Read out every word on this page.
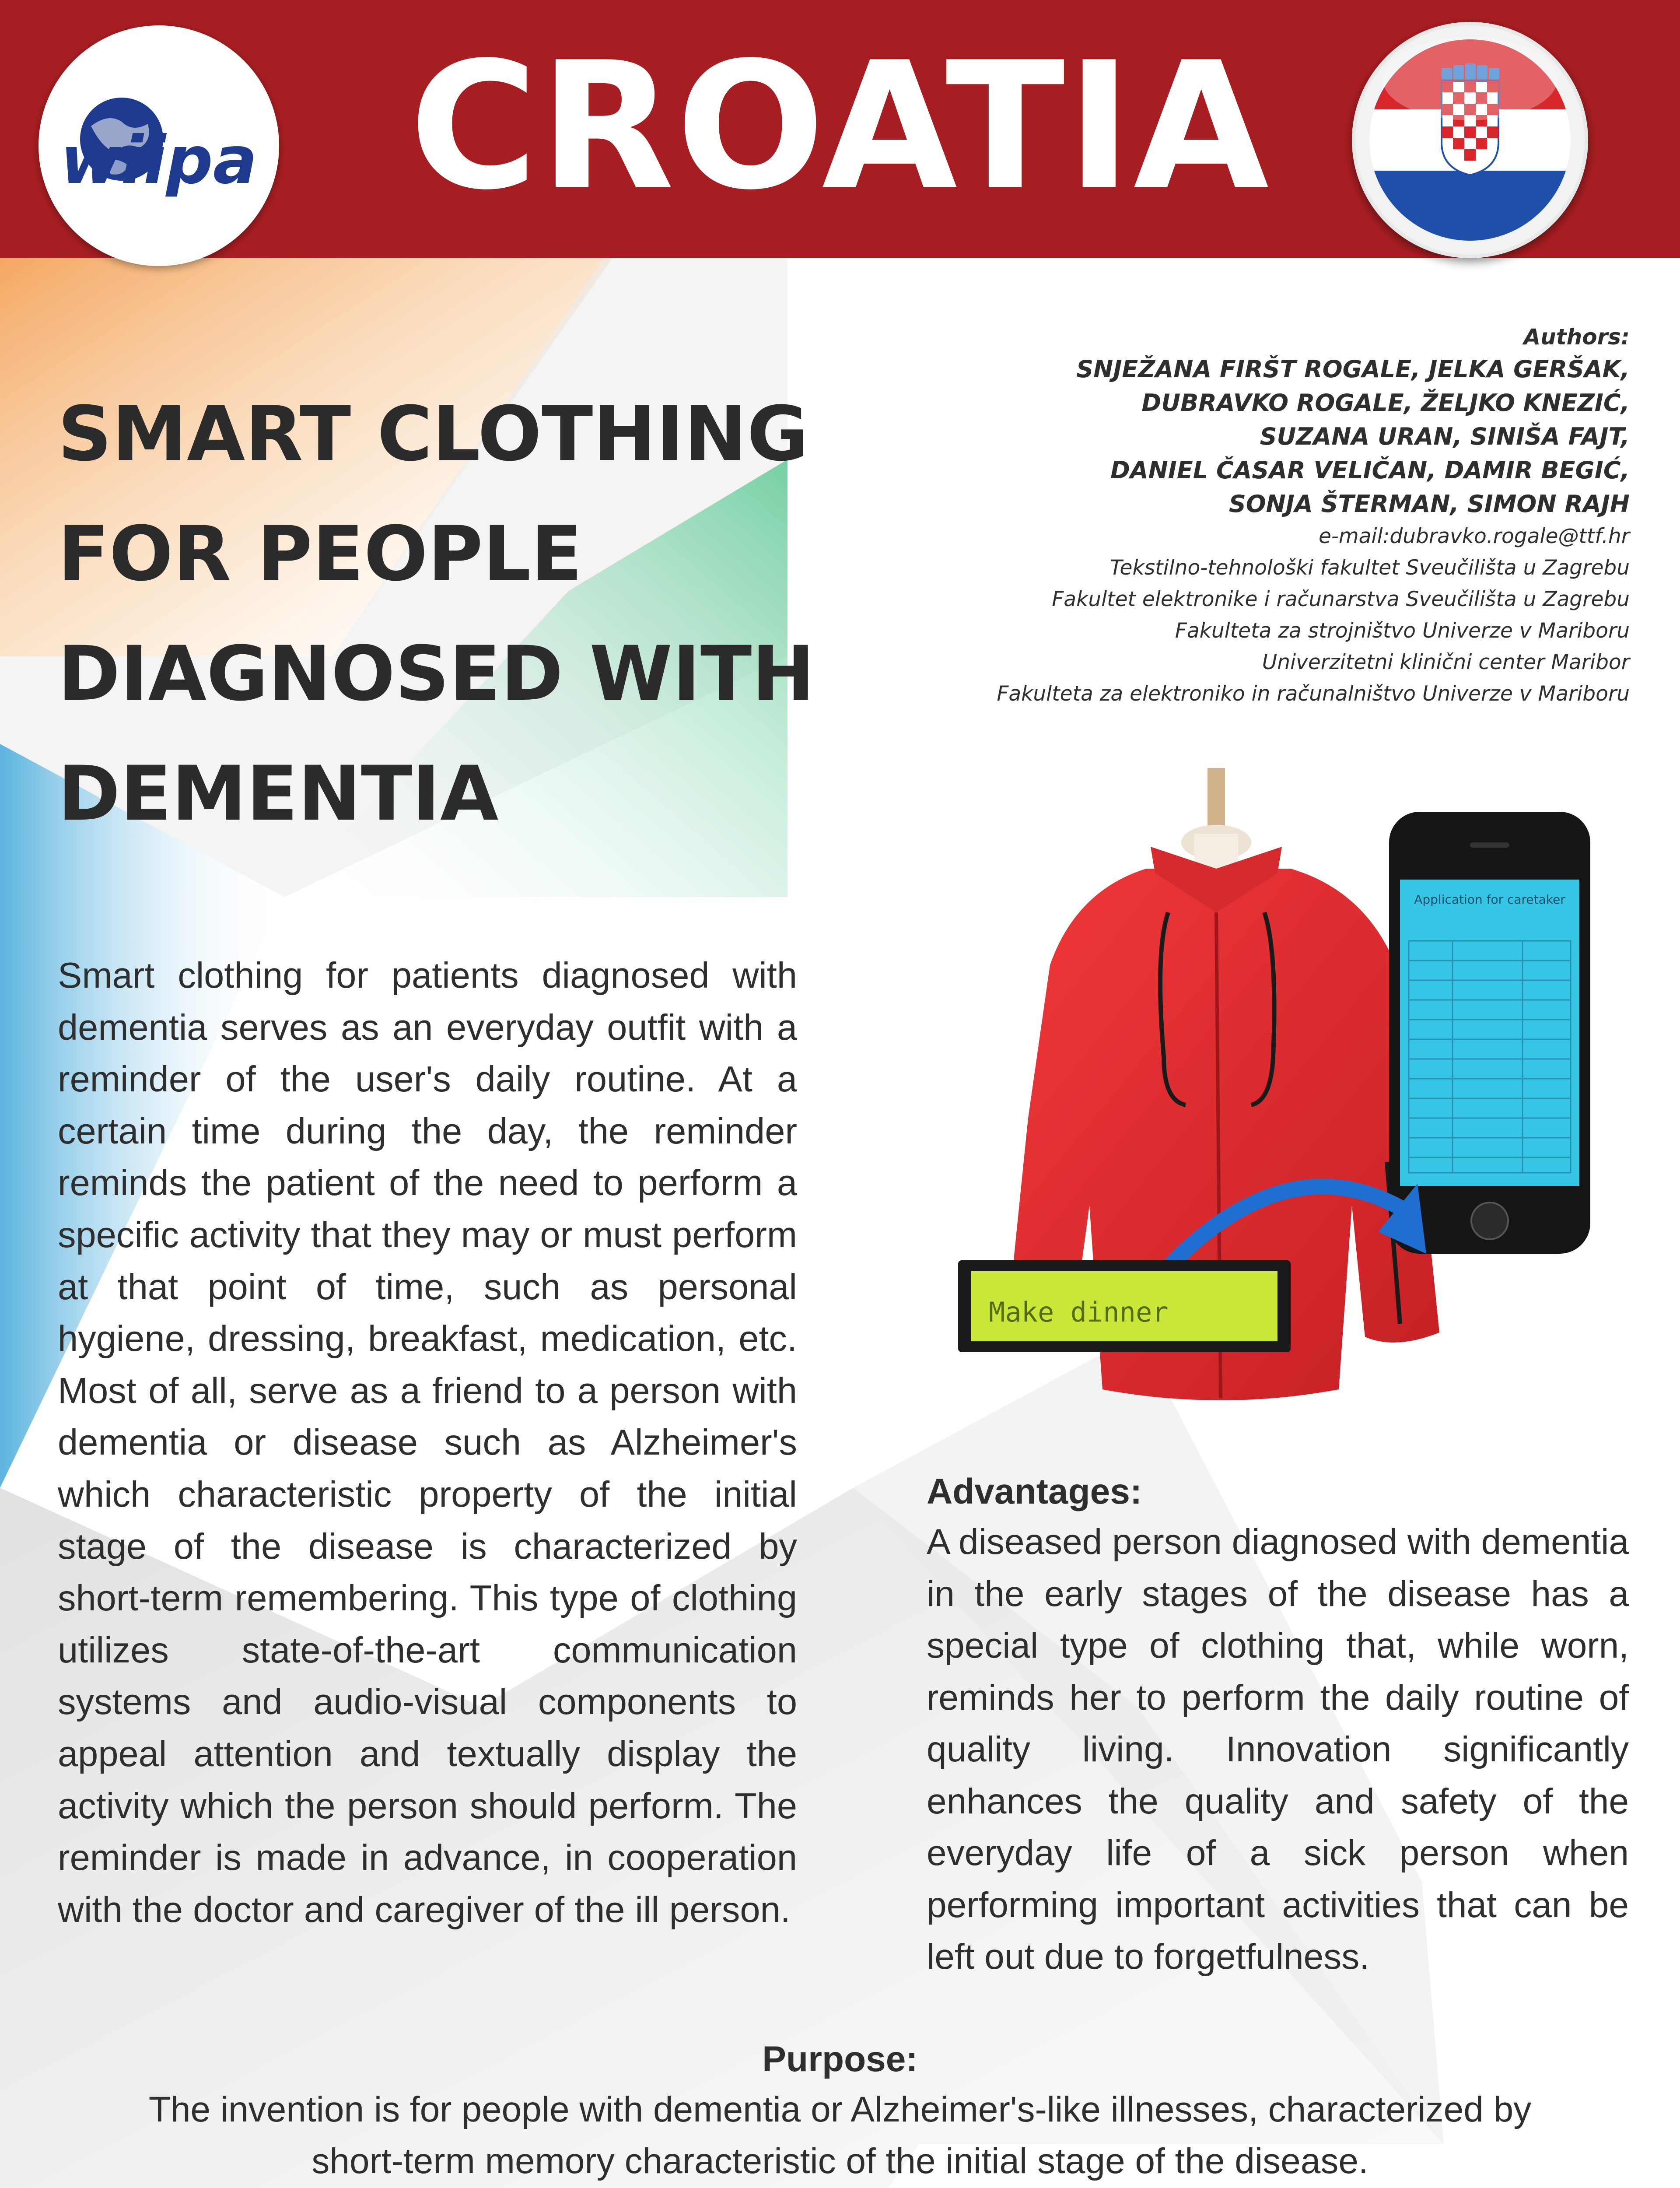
CROATIA
wiipa
SMART CLOTHING
FOR PEOPLE
DIAGNOSED WITH
DEMENTIA
Authors:
SNJEŽANA FIRŠT ROGALE, JELKA GERŠAK,
DUBRAVKO ROGALE, ŽELJKO KNEZIĆ,
SUZANA URAN, SINIŠA FAJT,
DANIEL ČASAR VELIČAN, DAMIR BEGIĆ,
SONJA ŠTERMAN, SIMON RAJH
e-mail:dubravko.rogale@ttf.hr
Tekstilno-tehnološki fakultet Sveučilišta u Zagrebu
Fakultet elektronike i računarstva Sveučilišta u Zagrebu
Fakulteta za strojništvo Univerze v Mariboru
Univerzitetni klinični center Maribor
Fakulteta za elektroniko in računalništvo Univerze v Mariboru
Smart clothing for patients diagnosed with dementia serves as an everyday outfit with a reminder of the user's daily routine. At a certain time during the day, the reminder reminds the patient of the need to perform a specific activity that they may or must perform at that point of time, such as personal hygiene, dressing, breakfast, medication, etc. Most of all, serve as a friend to a person with dementia or disease such as Alzheimer's which characteristic property of the initial stage of the disease is characterized by short-term remembering. This type of clothing utilizes state-of-the-art communication systems and audio-visual components to appeal attention and textually display the activity which the person should perform. The reminder is made in advance, in cooperation with the doctor and caregiver of the ill person.
Application for caretaker
Make dinner
Advantages:

A diseased person diagnosed with dementia in the early stages of the disease has a special type of clothing that, while worn, reminds her to perform the daily routine of quality living. Innovation significantly enhances the quality and safety of the everyday life of a sick person when performing important activities that can be left out due to forgetfulness.

Purpose:

The invention is for people with dementia or Alzheimer's-like illnesses, characterized by

short-term memory characteristic of the initial stage of the disease.
